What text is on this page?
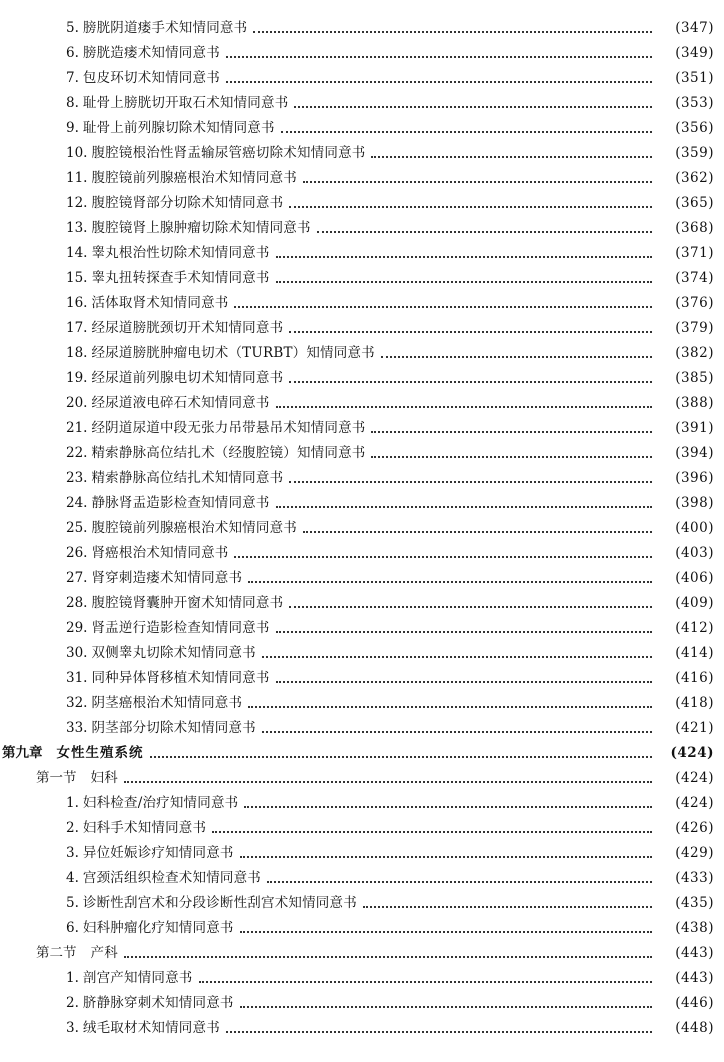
5. 膀胱阴道瘘手术知情同意书	(347)
6. 膀胱造瘘术知情同意书	(349)
7. 包皮环切术知情同意书	(351)
8. 耻骨上膀胱切开取石术知情同意书	(353)
9. 耻骨上前列腺切除术知情同意书	(356)
10. 腹腔镜根治性肾盂输尿管癌切除术知情同意书	(359)
11. 腹腔镜前列腺癌根治术知情同意书	(362)
12. 腹腔镜肾部分切除术知情同意书	(365)
13. 腹腔镜肾上腺肿瘤切除术知情同意书	(368)
14. 睾丸根治性切除术知情同意书	(371)
15. 睾丸扭转探查手术知情同意书	(374)
16. 活体取肾术知情同意书	(376)
17. 经尿道膀胱颈切开术知情同意书	(379)
18. 经尿道膀胱肿瘤电切术（TURBT）知情同意书	(382)
19. 经尿道前列腺电切术知情同意书	(385)
20. 经尿道液电碎石术知情同意书	(388)
21. 经阴道尿道中段无张力吊带悬吊术知情同意书	(391)
22. 精索静脉高位结扎术（经腹腔镜）知情同意书	(394)
23. 精索静脉高位结扎术知情同意书	(396)
24. 静脉肾盂造影检查知情同意书	(398)
25. 腹腔镜前列腺癌根治术知情同意书	(400)
26. 肾癌根治术知情同意书	(403)
27. 肾穿刺造瘘术知情同意书	(406)
28. 腹腔镜肾囊肿开窗术知情同意书	(409)
29. 肾盂逆行造影检查知情同意书	(412)
30. 双侧睾丸切除术知情同意书	(414)
31. 同种异体肾移植术知情同意书	(416)
32. 阴茎癌根治术知情同意书	(418)
33. 阴茎部分切除术知情同意书	(421)
第九章 女性生殖系统	(424)
第一节 妇科	(424)
1. 妇科检查/治疗知情同意书	(424)
2. 妇科手术知情同意书	(426)
3. 异位妊娠诊疗知情同意书	(429)
4. 宫颈活组织检查术知情同意书	(433)
5. 诊断性刮宫术和分段诊断性刮宫术知情同意书	(435)
6. 妇科肿瘤化疗知情同意书	(438)
第二节 产科	(443)
1. 剖宫产知情同意书	(443)
2. 脐静脉穿刺术知情同意书	(446)
3. 绒毛取材术知情同意书	(448)
